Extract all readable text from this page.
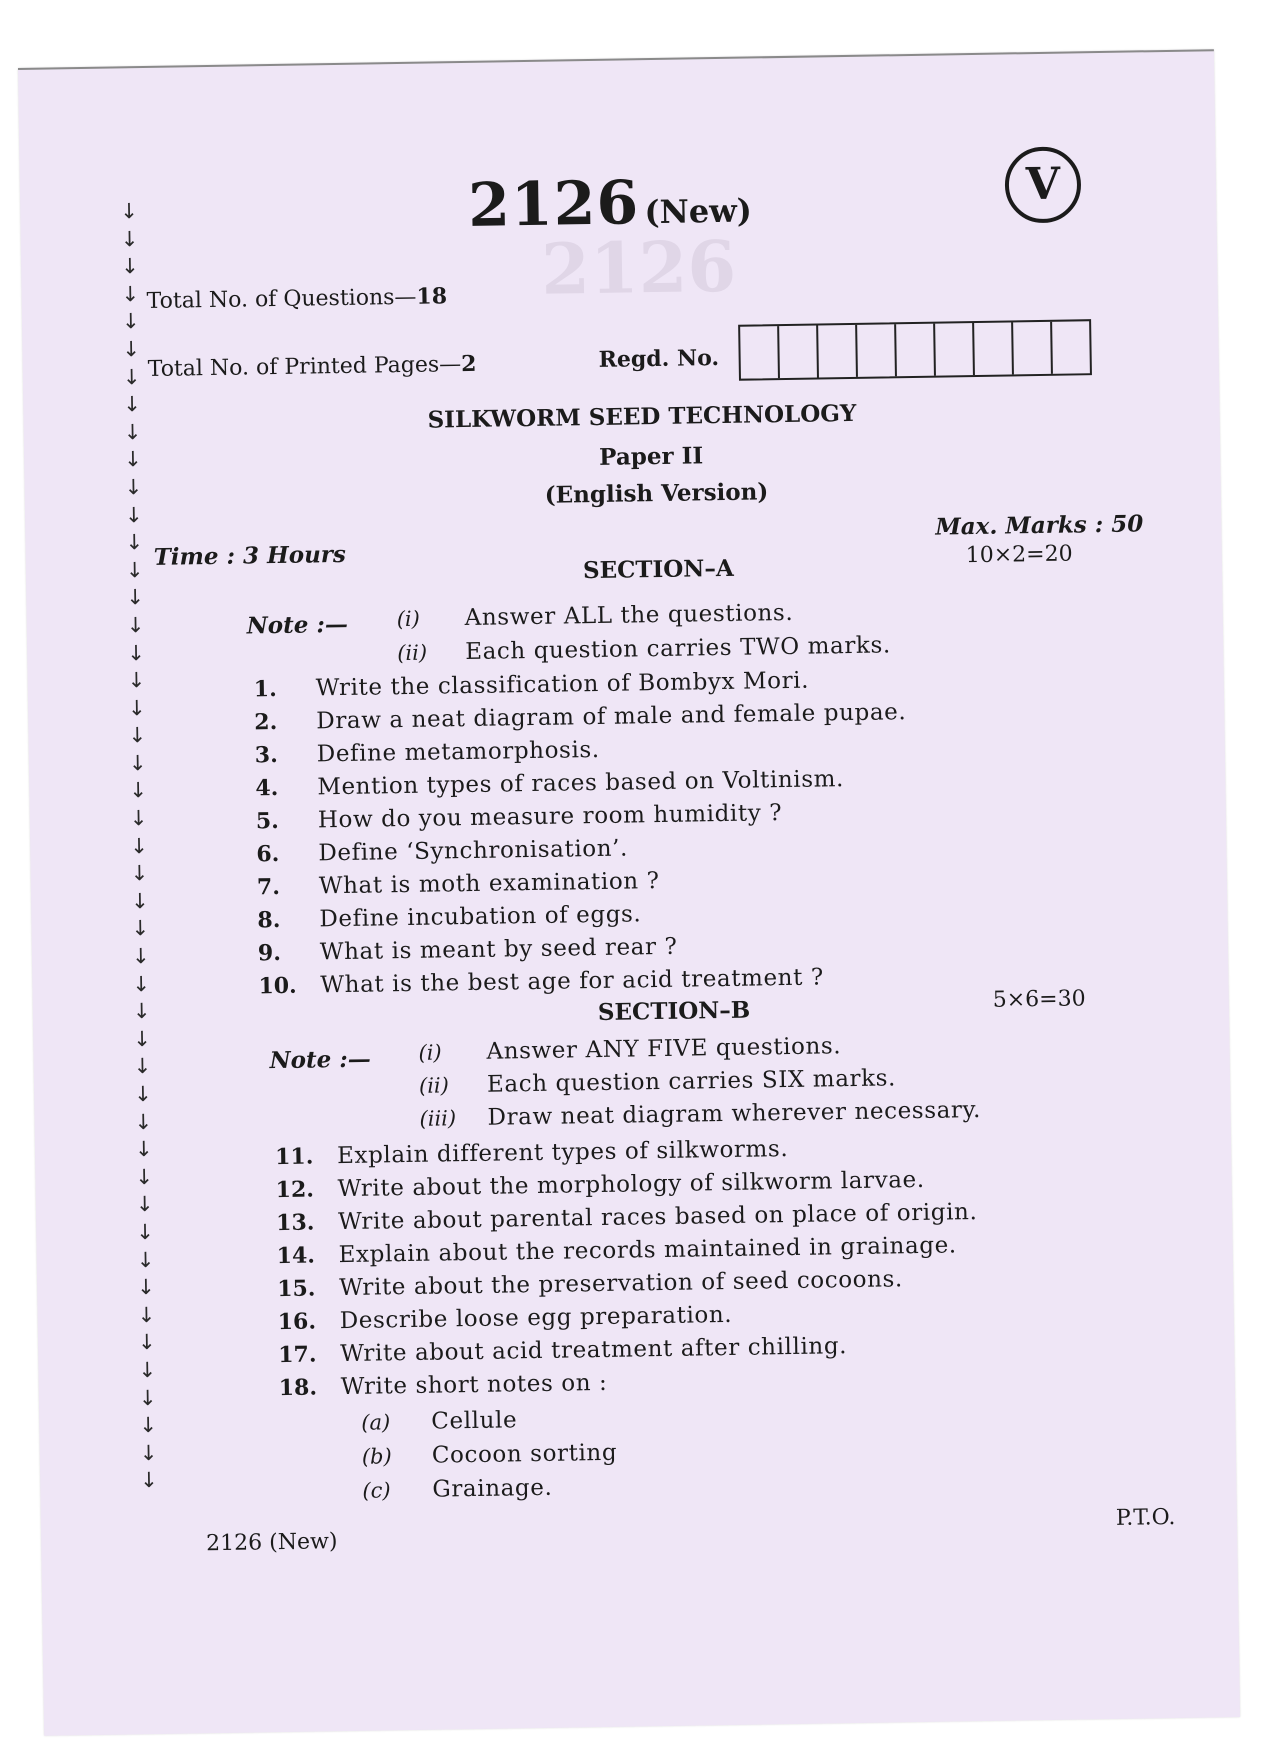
2126
↓
↓
↓
↓
↓
↓
↓
↓
↓
↓
↓
↓
↓
↓
↓
↓
↓
↓
↓
↓
↓
↓
↓
↓
↓
↓
↓
↓
↓
↓
↓
↓
↓
↓
↓
↓
↓
↓
↓
↓
↓
↓
↓
↓
↓
↓
↓
2126 (New)
V
Total No. of Questions—18
Total No. of Printed Pages—2	Regd. No.
SILKWORM SEED TECHNOLOGY
Paper II
(English Version)
Time : 3 Hours
Max. Marks : 50
SECTION–A	10×2=20
Note :— (i) Answer ALL the questions.
(ii) Each question carries TWO marks.
1. Write the classification of Bombyx Mori.
2. Draw a neat diagram of male and female pupae.
3. Define metamorphosis.
4. Mention types of races based on Voltinism.
5. How do you measure room humidity ?
6. Define ‘Synchronisation’.
7. What is moth examination ?
8. Define incubation of eggs.
9. What is meant by seed rear ?
10. What is the best age for acid treatment ?
SECTION–B	5×6=30
Note :— (i) Answer ANY FIVE questions.
(ii) Each question carries SIX marks.
(iii) Draw neat diagram wherever necessary.
11. Explain different types of silkworms.
12. Write about the morphology of silkworm larvae.
13. Write about parental races based on place of origin.
14. Explain about the records maintained in grainage.
15. Write about the preservation of seed cocoons.
16. Describe loose egg preparation.
17. Write about acid treatment after chilling.
18. Write short notes on :
(a) Cellule
(b) Cocoon sorting
(c) Grainage.
2126 (New)
P.T.O.
